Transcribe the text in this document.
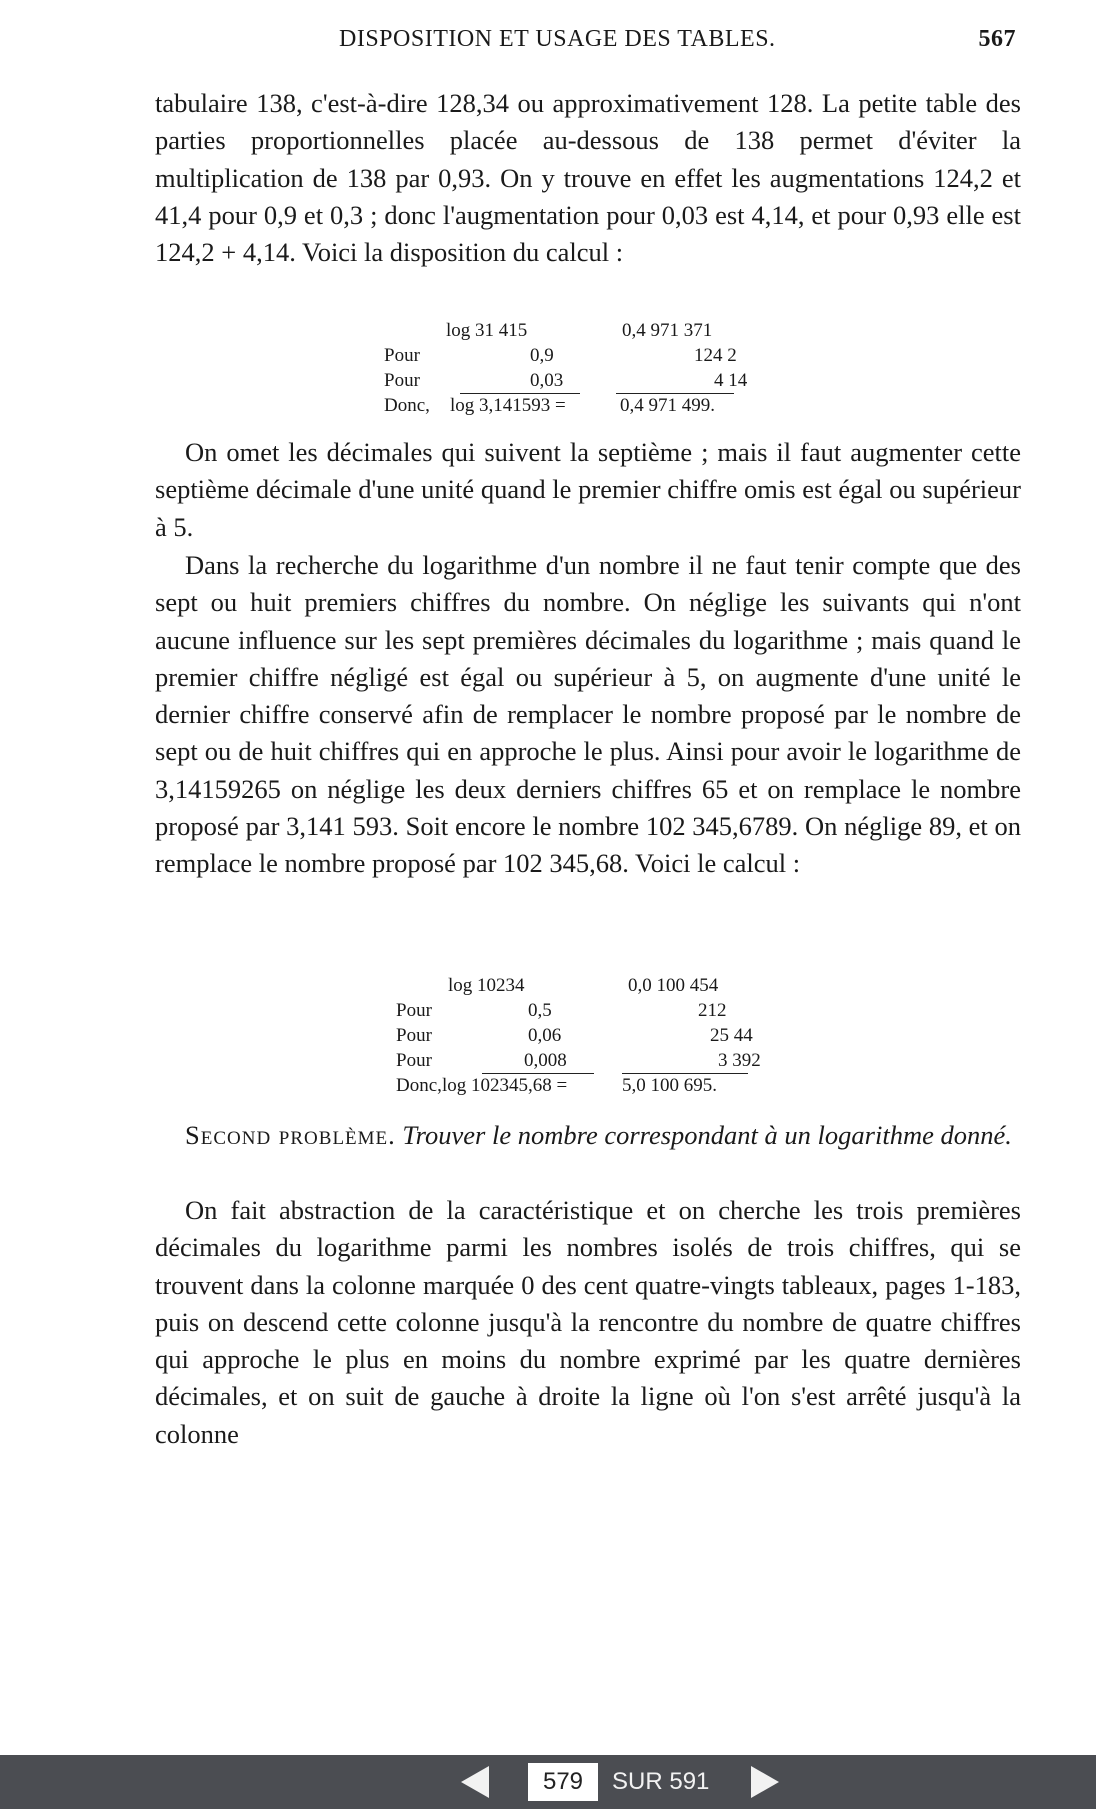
DISPOSITION ET USAGE DES TABLES.	567

tabulaire 138, c'est-à-dire 128,34 ou approximativement 128. La petite table des parties proportionnelles placée au-dessous de 138 permet d'éviter la multiplication de 138 par 0,93. On y trouve en effet les augmentations 124,2 et 41,4 pour 0,9 et 0,3 ; donc l'augmentation pour 0,03 est 4,14, et pour 0,93 elle est 124,2 + 4,14. Voici la disposition du calcul :

log 31 415	0,4 971 371
Pour	0,9	124 2
Pour	0,03	4 14
Donc, log 3,141593 =	0,4 971 499.

On omet les décimales qui suivent la septième ; mais il faut augmenter cette septième décimale d'une unité quand le premier chiffre omis est égal ou supérieur à 5.

Dans la recherche du logarithme d'un nombre il ne faut tenir compte que des sept ou huit premiers chiffres du nombre. On néglige les suivants qui n'ont aucune influence sur les sept premières décimales du logarithme ; mais quand le premier chiffre négligé est égal ou supérieur à 5, on augmente d'une unité le dernier chiffre conservé afin de remplacer le nombre proposé par le nombre de sept ou de huit chiffres qui en approche le plus. Ainsi pour avoir le logarithme de 3,14159265 on néglige les deux derniers chiffres 65 et on remplace le nombre proposé par 3,141 593. Soit encore le nombre 102 345,6789. On néglige 89, et on remplace le nombre proposé par 102 345,68. Voici le calcul :

log 10234	0,0 100 454
Pour	0,5	212
Pour	0,06	25 44
Pour	0,008	3 392
Donc, log 102345,68 =	5,0 100 695.

Second problème. Trouver le nombre correspondant à un logarithme donné.

On fait abstraction de la caractéristique et on cherche les trois premières décimales du logarithme parmi les nombres isolés de trois chiffres, qui se trouvent dans la colonne marquée 0 des cent quatre-vingts tableaux, pages 1-183, puis on descend cette colonne jusqu'à la rencontre du nombre de quatre chiffres qui approche le plus en moins du nombre exprimé par les quatre dernières décimales, et on suit de gauche à droite la ligne où l'on s'est arrêté jusqu'à la colonne

579
SUR 591
